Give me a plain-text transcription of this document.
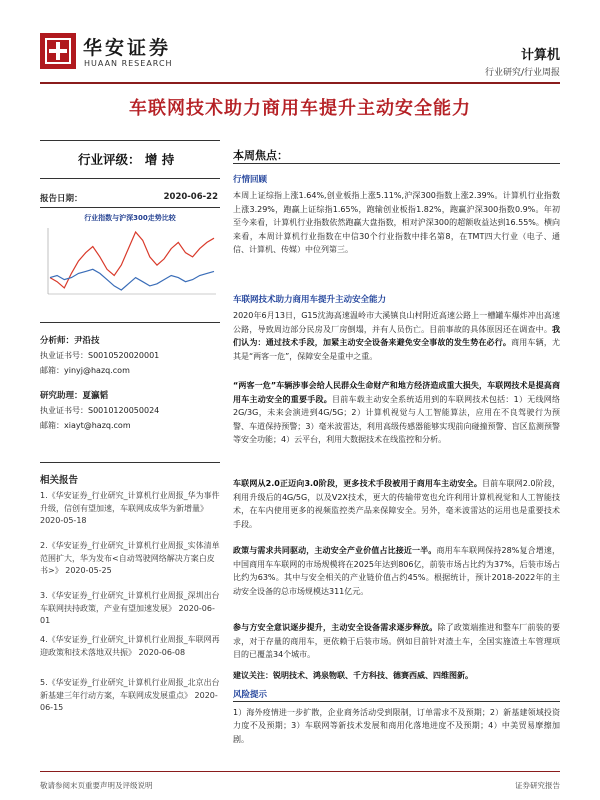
华安证券
HUAAN RESEARCH
计算机
行业研究/行业周报
车联网技术助力商用车提升主动安全能力
行业评级： 增 持
报告日期：	2020-06-22
行业指数与沪深300走势比较
分析师：尹沿技
执业证书号：S0010520020001
邮箱：yinyj@hazq.com
研究助理：夏瀛韬
执业证书号：S0010120050024
邮箱：xiayt@hazq.com
相关报告
1.《华安证券_行业研究_计算机行业周报_华为事件升级，信创有望加速，车联网成成华为新增量》 2020-05-18
2.《华安证券_行业研究_计算机行业周报_实体清单范围扩大，华为发布<自动驾驶网络解决方案白皮书>》 2020-05-25
3.《华安证券_行业研究_计算机行业周报_深圳出台车联网扶持政策，产业有望加速发展》 2020-06-01
4.《华安证券_行业研究_计算机行业周报_车联网再迎政策和技术落地双共振》 2020-06-08
5.《华安证券_行业研究_计算机行业周报_北京出台新基建三年行动方案，车联网成发展重点》 2020-06-15
本周焦点：
行情回顾
本周上证综指上涨1.64%,创业板指上涨5.11%,沪深300指数上涨2.39%。计算机行业指数上涨3.29%，跑赢上证综指1.65%，跑输创业板指1.82%，跑赢沪深300指数0.9%。年初至今来看，计算机行业指数依然跑赢大盘指数，相对沪深300的超额收益达到16.55%。横向来看，本周计算机行业指数在中信30个行业指数中排名第8，在TMT四大行业（电子、通信、计算机、传媒）中位列第三。
车联网技术助力商用车提升主动安全能力
2020年6月13日，G15沈海高速温岭市大溪镇良山村附近高速公路上一槽罐车爆炸冲出高速公路，导致周边部分民房及厂房倒塌，并有人员伤亡。目前事故的具体原因还在调查中。我们认为：通过技术手段，加紧主动安全设备来避免安全事故的发生势在必行。商用车辆，尤其是“两客一危”，保障安全是重中之重。
“两客一危”车辆涉事会给人民群众生命财产和地方经济造成重大损失，车联网技术是提高商用车主动安全的重要手段。目前车载主动安全系统适用到的车联网技术包括：1）无线网络2G/3G，未来会演进到4G/5G；2）计算机视觉与人工智能算法，应用在不良驾驶行为预警、车道保持预警；3）毫米波雷达，利用高级传感器能够实现前向碰撞预警、盲区监测预警等安全功能；4）云平台，利用大数据技术在线监控和分析。
车联网从2.0正迈向3.0阶段，更多技术手段被用于商用车主动安全。目前车联网2.0阶段，利用升级后的4G/5G，以及V2X技术，更大的传输带宽也允许利用计算机视觉和人工智能技术，在车内使用更多的视频监控类产品来保障安全。另外，毫米波雷达的运用也是重要技术手段。
政策与需求共同驱动，主动安全产业价值占比接近一半。商用车车联网保持28%复合增速，中国商用车车联网的市场规模将在2025年达到806亿，前装市场占比约为37%，后装市场占比约为63%。其中与安全相关的产业链价值占约45%。根据统计，预计2018-2022年的主动安全设备的总市场规模达311亿元。
参与方安全意识逐步提升，主动安全设备需求逐步释放。除了政策端推进和整车厂前装的要求，对于存量的商用车，更依赖于后装市场。例如目前针对渣土车，全国实施渣土车管理项目的已覆盖34个城市。
建议关注：锐明技术、鸿泉物联、千方科技、德赛西威、四维图新。
风险提示
1）海外疫情进一步扩散，企业商务活动受到限制，订单需求不及预期；2）新基建领域投资力度不及预期；3）车联网等新技术发展和商用化落地进度不及预期；4）中美贸易摩擦加剧。
敬请参阅末页重要声明及评级说明	证券研究报告
